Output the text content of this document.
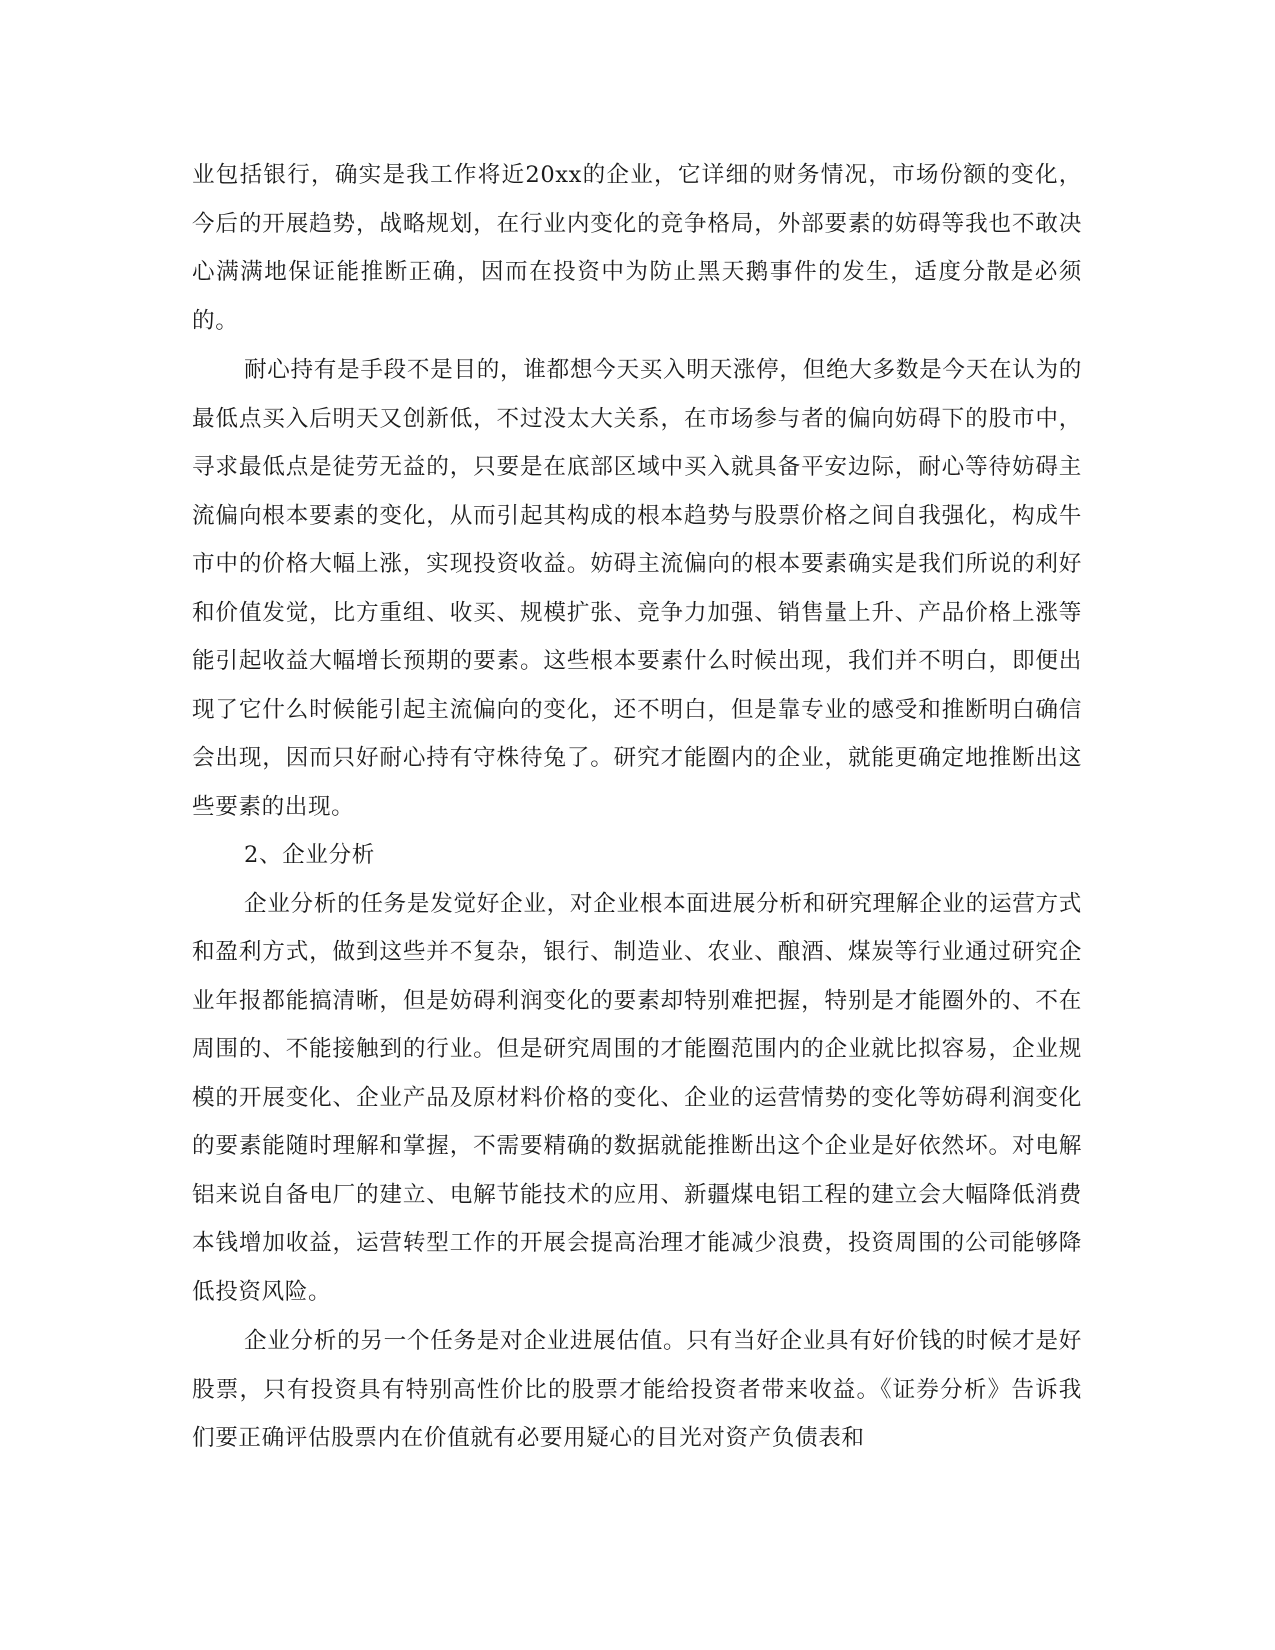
业包括银行，确实是我工作将近20xx的企业，它详细的财务情况，市场份额的变化，今后的开展趋势，战略规划，在行业内变化的竞争格局，外部要素的妨碍等我也不敢决心满满地保证能推断正确，因而在投资中为防止黑天鹅事件的发生，适度分散是必须的。

耐心持有是手段不是目的，谁都想今天买入明天涨停，但绝大多数是今天在认为的最低点买入后明天又创新低，不过没太大关系，在市场参与者的偏向妨碍下的股市中，寻求最低点是徒劳无益的，只要是在底部区域中买入就具备平安边际，耐心等待妨碍主流偏向根本要素的变化，从而引起其构成的根本趋势与股票价格之间自我强化，构成牛市中的价格大幅上涨，实现投资收益。妨碍主流偏向的根本要素确实是我们所说的利好和价值发觉，比方重组、收买、规模扩张、竞争力加强、销售量上升、产品价格上涨等能引起收益大幅增长预期的要素。这些根本要素什么时候出现，我们并不明白，即便出现了它什么时候能引起主流偏向的变化，还不明白，但是靠专业的感受和推断明白确信会出现，因而只好耐心持有守株待兔了。研究才能圈内的企业，就能更确定地推断出这些要素的出现。

2、企业分析

企业分析的任务是发觉好企业，对企业根本面进展分析和研究理解企业的运营方式和盈利方式，做到这些并不复杂，银行、制造业、农业、酿酒、煤炭等行业通过研究企业年报都能搞清晰，但是妨碍利润变化的要素却特别难把握，特别是才能圈外的、不在周围的、不能接触到的行业。但是研究周围的才能圈范围内的企业就比拟容易，企业规模的开展变化、企业产品及原材料价格的变化、企业的运营情势的变化等妨碍利润变化的要素能随时理解和掌握，不需要精确的数据就能推断出这个企业是好依然坏。对电解铝来说自备电厂的建立、电解节能技术的应用、新疆煤电铝工程的建立会大幅降低消费本钱增加收益，运营转型工作的开展会提高治理才能减少浪费，投资周围的公司能够降低投资风险。

企业分析的另一个任务是对企业进展估值。只有当好企业具有好价钱的时候才是好股票，只有投资具有特别高性价比的股票才能给投资者带来收益。《证券分析》告诉我们要正确评估股票内在价值就有必要用疑心的目光对资产负债表和
